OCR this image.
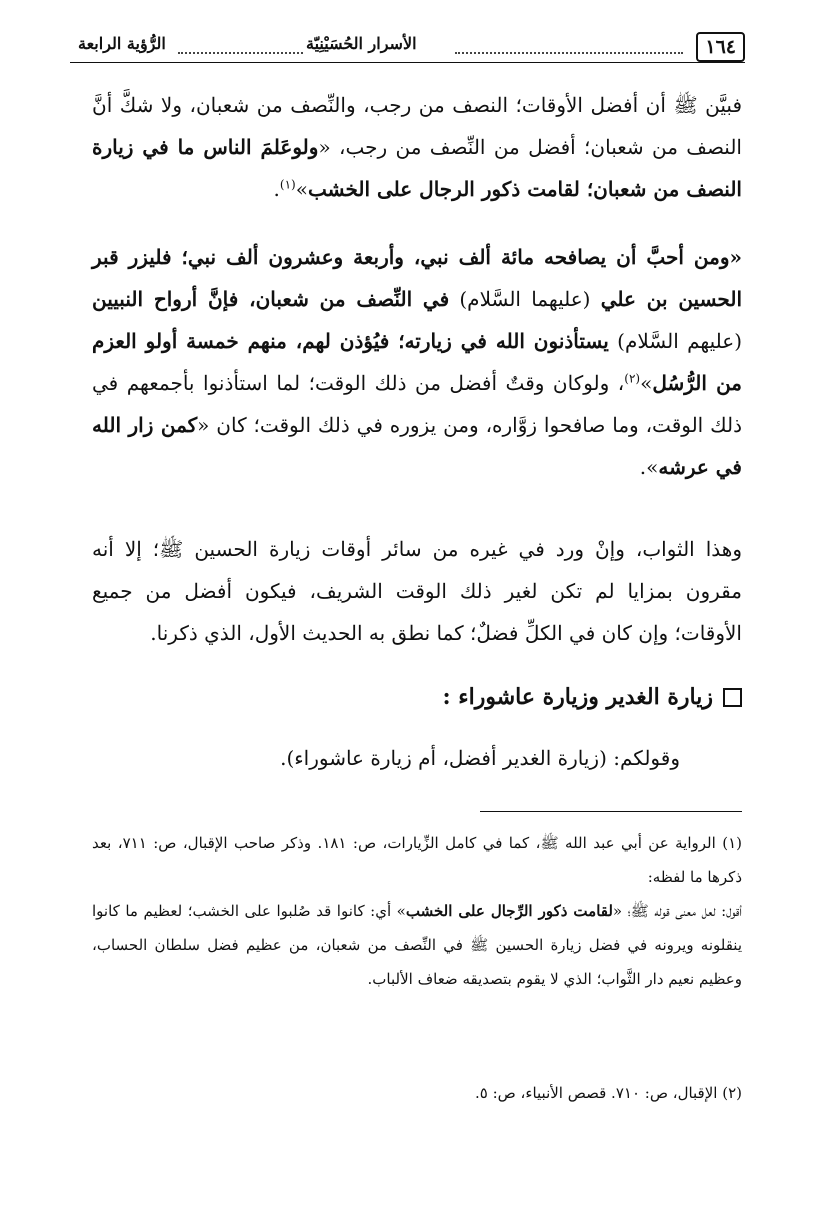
١٦٤
الأسرار الحُسَيْنِيّة
الرُّؤية الرابعة
فبيَّن ﷺ أن أفضل الأوقات؛ النصف من رجب، والنِّصف من شعبان، ولا شكَّ أنَّ النصف من شعبان؛ أفضل من النِّصف من رجب، «ولوعَلمَ الناس ما في زيارة النصف من شعبان؛ لقامت ذكور الرجال على الخشب»$^{(١)}$.
«ومن أحبَّ أن يصافحه مائة ألف نبي، وأربعة وعشرون ألف نبي؛ فليزر قبر الحسين بن علي (عليهما السَّلام) في النِّصف من شعبان، فإنَّ أرواح النبيين (عليهم السَّلام) يستأذنون الله في زيارته؛ فيُؤذن لهم، منهم خمسة أولو العزم من الرُّسُل»$^{(٢)}$، ولوكان وقتٌ أفضل من ذلك الوقت؛ لما استأذنوا بأجمعهم في ذلك الوقت، وما صافحوا زوَّاره، ومن يزوره في ذلك الوقت؛ كان «كمن زار الله في عرشه».
وهذا الثواب، وإنْ ورد في غيره من سائر أوقات زيارة الحسين ﷺ؛ إلا أنه مقرون بمزايا لم تكن لغير ذلك الوقت الشريف، فيكون أفضل من جميع الأوقات؛ وإن كان في الكلِّ فضلٌ؛ كما نطق به الحديث الأول، الذي ذكرنا.
زيارة الغدير وزيارة عاشوراء :
وقولكم: (زيارة الغدير أفضل، أم زيارة عاشوراء).
(١) الرواية عن أبي عبد الله ﷺ، كما في كامل الزِّيارات، ص: ١٨١. وذكر صاحب الإقبال، ص: ٧١١، بعد ذكرها ما لفظه:
أقول: لعل معنى قوله ﷺ؛ «لقامت ذكور الرِّجال على الخشب» أي: كانوا قد صُلبوا على الخشب؛ لعظيم ما كانوا ينقلونه ويرونه في فضل زيارة الحسين ﷺ في النِّصف من شعبان، من عظيم فضل سلطان الحساب، وعظيم نعيم دار الثَّواب؛ الذي لا يقوم بتصديقه ضعاف الألباب.
(٢) الإقبال، ص: ٧١٠. قصص الأنبياء، ص: ٥.
